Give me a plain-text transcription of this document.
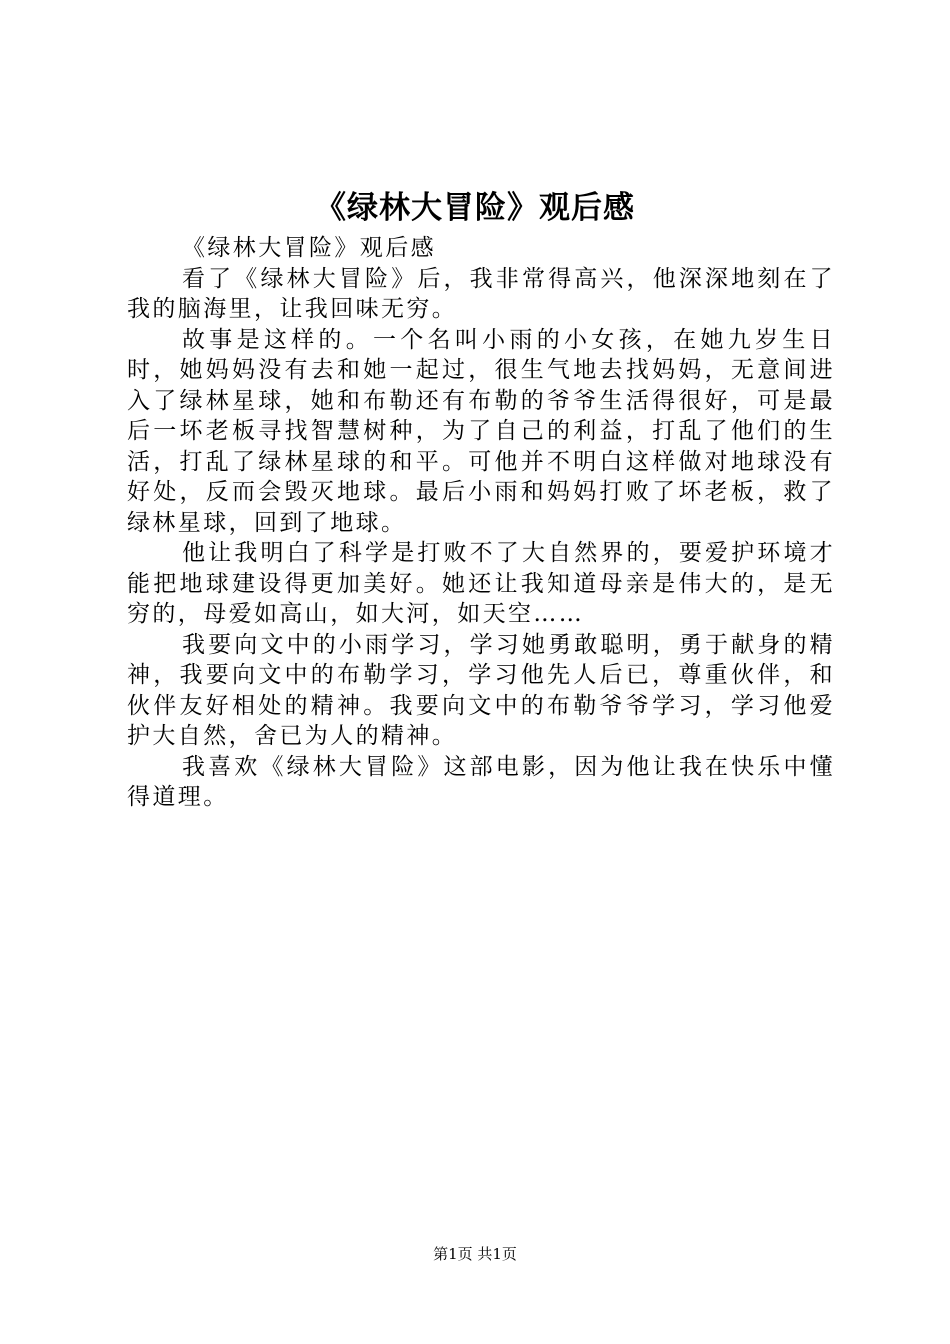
《绿林大冒险》观后感

《绿林大冒险》观后感

看了《绿林大冒险》后，我非常得高兴，他深深地刻在了我的脑海里，让我回味无穷。

故事是这样的。一个名叫小雨的小女孩，在她九岁生日时，她妈妈没有去和她一起过，很生气地去找妈妈，无意间进入了绿林星球，她和布勒还有布勒的爷爷生活得很好，可是最后一坏老板寻找智慧树种，为了自己的利益，打乱了他们的生活，打乱了绿林星球的和平。可他并不明白这样做对地球没有好处，反而会毁灭地球。最后小雨和妈妈打败了坏老板，救了绿林星球，回到了地球。

他让我明白了科学是打败不了大自然界的，要爱护环境才能把地球建设得更加美好。她还让我知道母亲是伟大的，是无穷的，母爱如高山，如大河，如天空……

我要向文中的小雨学习，学习她勇敢聪明，勇于献身的精神，我要向文中的布勒学习，学习他先人后已，尊重伙伴，和伙伴友好相处的精神。我要向文中的布勒爷爷学习，学习他爱护大自然，舍已为人的精神。

我喜欢《绿林大冒险》这部电影，因为他让我在快乐中懂得道理。

第1页 共1页
